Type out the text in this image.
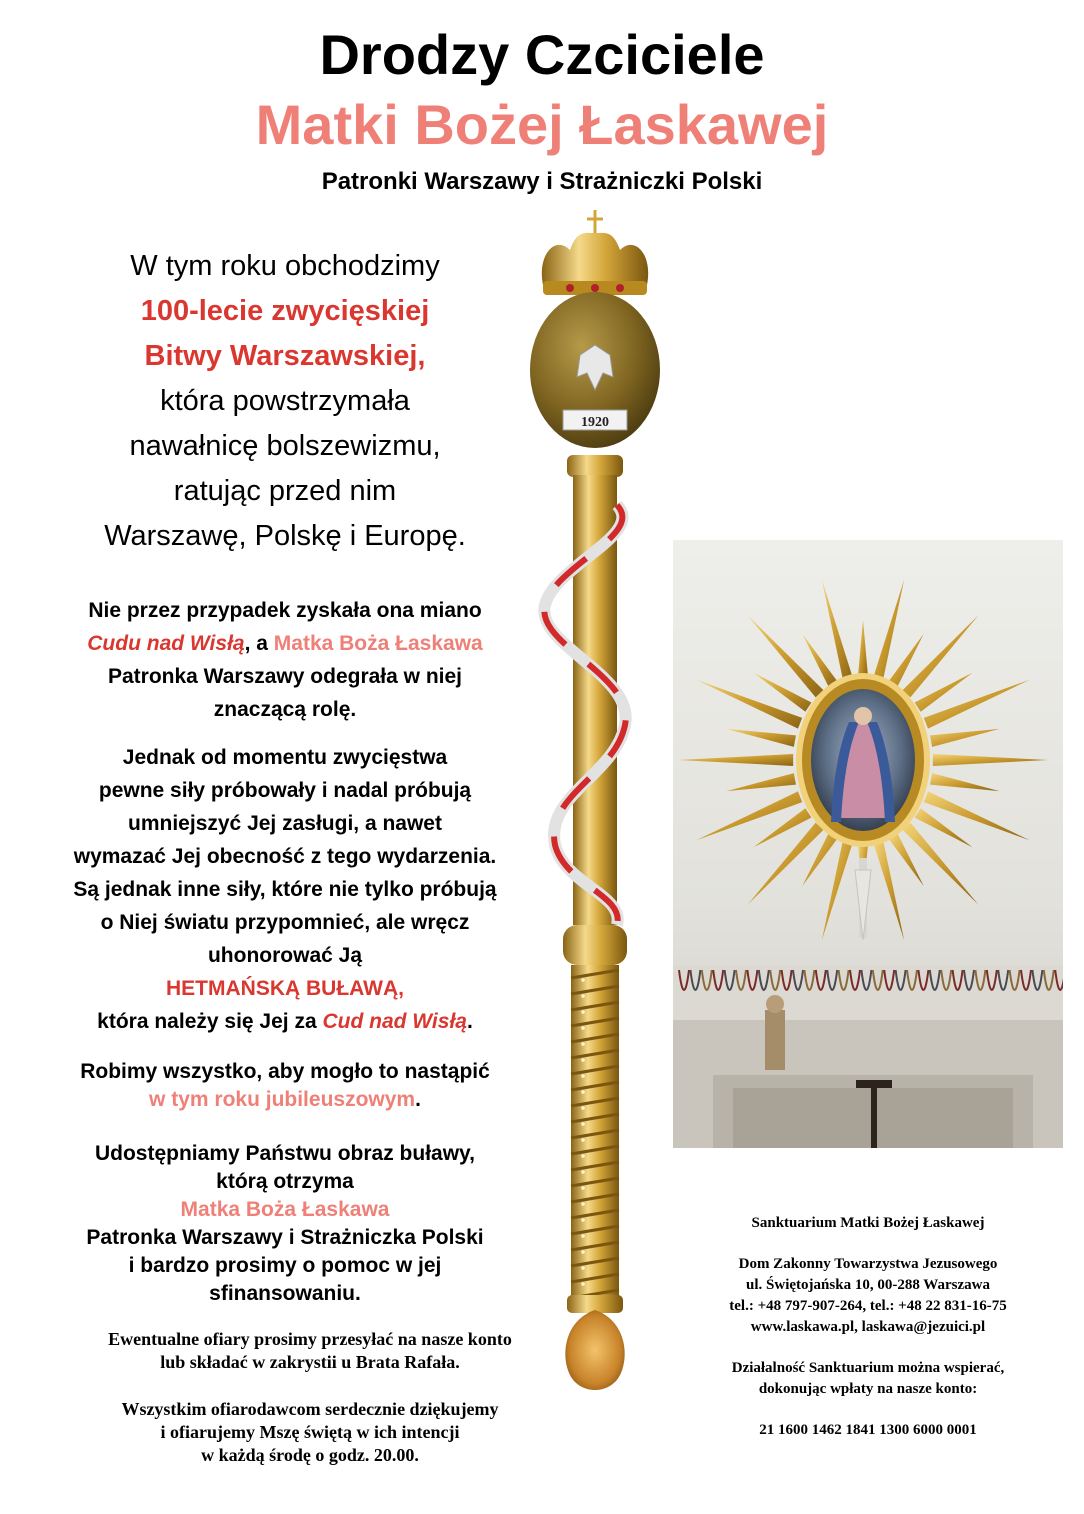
Drodzy Czciciele
Matki Bożej Łaskawej
Patronki Warszawy i Strażniczki Polski
W tym roku obchodzimy
100-lecie zwycięskiej
Bitwy Warszawskiej,
która powstrzymała
nawałnicę bolszewizmu,
ratując przed nim
Warszawę, Polskę i Europę.
Nie przez przypadek zyskała ona miano
Cudu nad Wisłą, a Matka Boża Łaskawa
Patronka Warszawy odegrała w niej
znaczącą rolę.
Jednak od momentu zwycięstwa
pewne siły próbowały i nadal próbują
umniejszyć Jej zasługi, a nawet
wymazać Jej obecność z tego wydarzenia.
Są jednak inne siły, które nie tylko próbują
o Niej światu przypomnieć, ale wręcz
uhonorować Ją
HETMAŃSKĄ BUŁAWĄ,
która należy się Jej za Cud nad Wisłą.
Robimy wszystko, aby mogło to nastąpić
w tym roku jubileuszowym.
Udostępniamy Państwu obraz buławy,
którą otrzyma
Matka Boża Łaskawa
Patronka Warszawy i Strażniczka Polski
i bardzo prosimy o pomoc w jej
sfinansowaniu.
Ewentualne ofiary prosimy przesyłać na nasze konto
lub składać w zakrystii u Brata Rafała.
Wszystkim ofiarodawcom serdecznie dziękujemy
i ofiarujemy Mszę świętą w ich intencji
w każdą środę o godz. 20.00.
Sanktuarium Matki Bożej Łaskawej
Dom Zakonny Towarzystwa Jezusowego
ul. Świętojańska 10, 00-288 Warszawa
tel.: +48 797-907-264, tel.: +48 22 831-16-75
www.laskawa.pl, laskawa@jezuici.pl
Działalność Sanktuarium można wspierać,
dokonując wpłaty na nasze konto:
21 1600 1462 1841 1300 6000 0001
1920
